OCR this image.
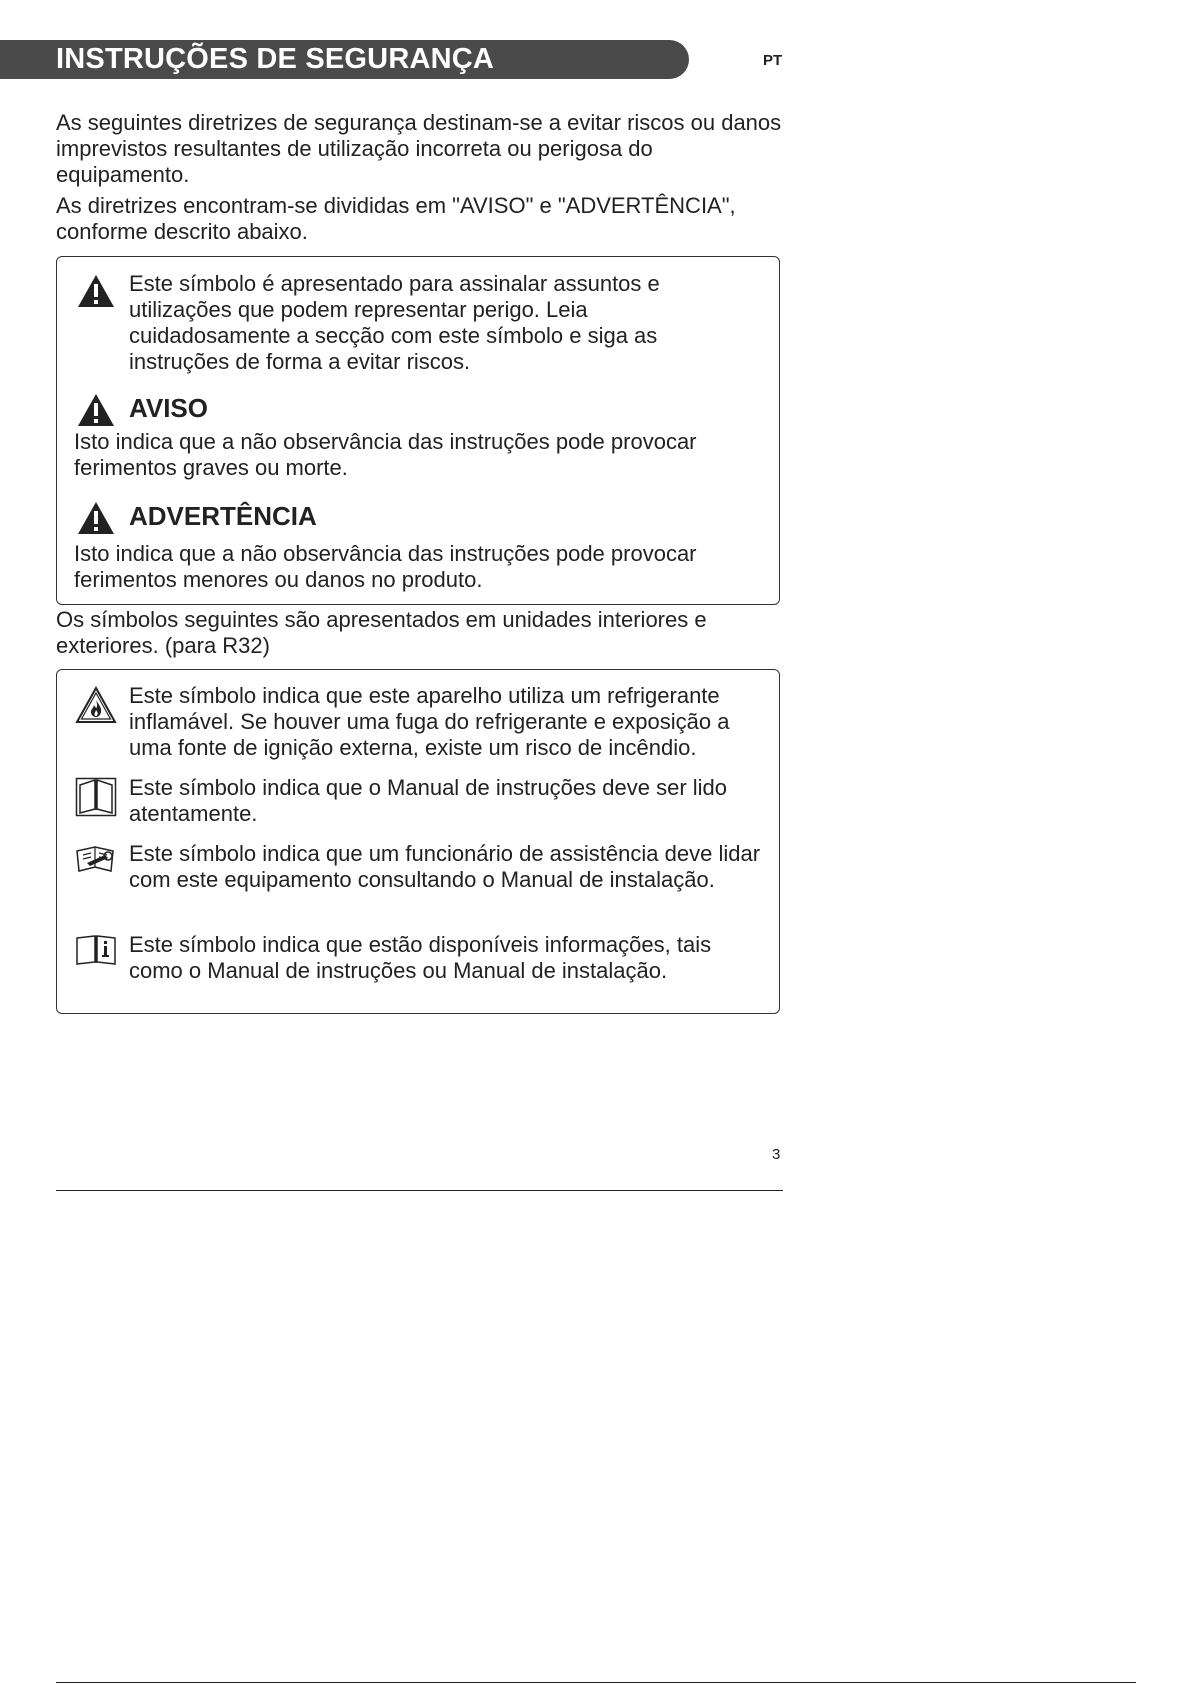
INSTRUÇÕES DE SEGURANÇA	PT

As seguintes diretrizes de segurança destinam-se a evitar riscos ou danos imprevistos resultantes de utilização incorreta ou perigosa do equipamento.

As diretrizes encontram-se divididas em "AVISO" e "ADVERTÊNCIA", conforme descrito abaixo.

Este símbolo é apresentado para assinalar assuntos e utilizações que podem representar perigo. Leia cuidadosamente a secção com este símbolo e siga as instruções de forma a evitar riscos.

AVISO

Isto indica que a não observância das instruções pode provocar ferimentos graves ou morte.

ADVERTÊNCIA

Isto indica que a não observância das instruções pode provocar ferimentos menores ou danos no produto.

Os símbolos seguintes são apresentados em unidades interiores e exteriores. (para R32)

Este símbolo indica que este aparelho utiliza um refrigerante inflamável. Se houver uma fuga do refrigerante e exposição a uma fonte de ignição externa, existe um risco de incêndio.

Este símbolo indica que o Manual de instruções deve ser lido atentamente.

Este símbolo indica que um funcionário de assistência deve lidar com este equipamento consultando o Manual de instalação.

Este símbolo indica que estão disponíveis informações, tais como o Manual de instruções ou Manual de instalação.

3
